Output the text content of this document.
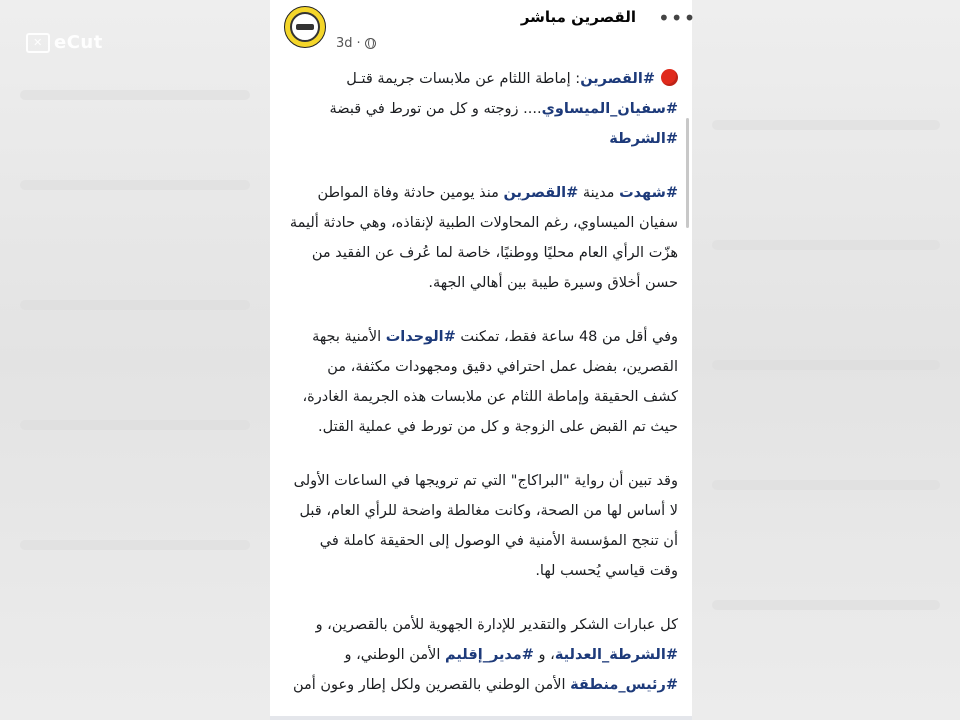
✕ eCut
القصرين مباشر
3d ·
•••

#القصرين: إماطة اللثام عن ملابسات جريمة قتـل #سفيان_الميساوي.... زوجته و كل من تورط في قبضة #الشرطة

#شهدت مدينة #القصرين منذ يومين حادثة وفاة المواطن سفيان الميساوي، رغم المحاولات الطبية لإنقاذه، وهي حادثة أليمة هزّت الرأي العام محليًا ووطنيًا، خاصة لما عُرف عن الفقيد من حسن أخلاق وسيرة طيبة بين أهالي الجهة.

وفي أقل من 48 ساعة فقط، تمكنت #الوحدات الأمنية بجهة القصرين، بفضل عمل احترافي دقيق ومجهودات مكثفة، من كشف الحقيقة وإماطة اللثام عن ملابسات هذه الجريمة الغادرة، حيث تم القبض على الزوجة و كل من تورط في عملية القتل.

وقد تبين أن رواية "البراكاج" التي تم ترويجها في الساعات الأولى لا أساس لها من الصحة، وكانت مغالطة واضحة للرأي العام، قبل أن تنجح المؤسسة الأمنية في الوصول إلى الحقيقة كاملة في وقت قياسي يُحسب لها.

كل عبارات الشكر والتقدير للإدارة الجهوية للأمن بالقصرين، و #الشرطة_العدلية، و #مدير_إقليم الأمن الوطني، و #رئيس_منطقة الأمن الوطني بالقصرين ولكل إطار وعون أمن
